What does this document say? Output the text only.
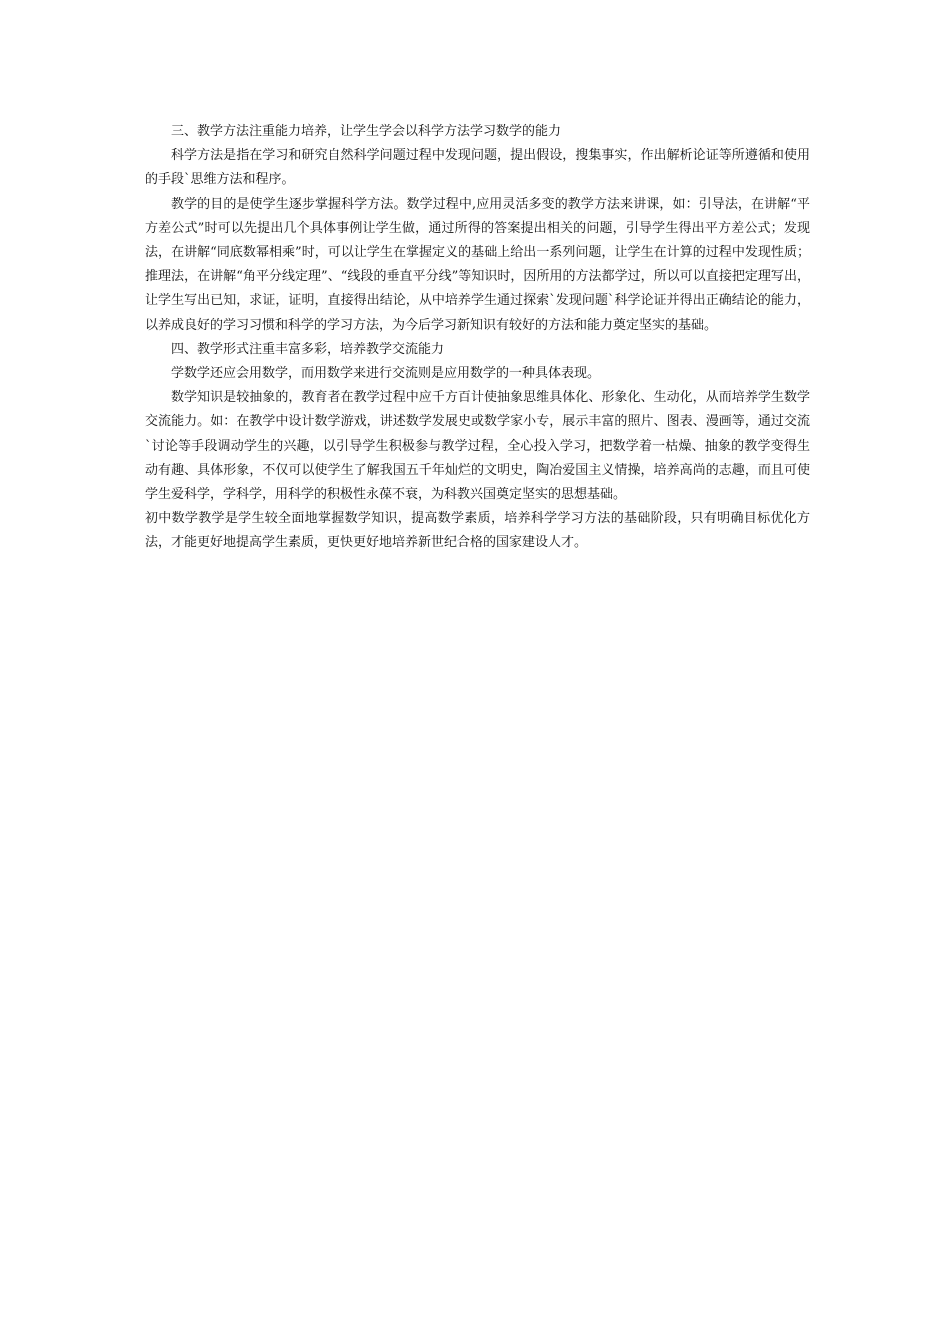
三、教学方法注重能力培养，让学生学会以科学方法学习数学的能力

科学方法是指在学习和研究自然科学问题过程中发现问题，提出假设，搜集事实，作出解析论证等所遵循和使用的手段`思维方法和程序。

教学的目的是使学生逐步掌握科学方法。数学过程中,应用灵活多变的教学方法来讲课，如：引导法，在讲解“平方差公式”时可以先提出几个具体事例让学生做，通过所得的答案提出相关的问题，引导学生得出平方差公式；发现法，在讲解“同底数幂相乘”时，可以让学生在掌握定义的基础上给出一系列问题，让学生在计算的过程中发现性质；推理法，在讲解“角平分线定理”、“线段的垂直平分线”等知识时，因所用的方法都学过，所以可以直接把定理写出，让学生写出已知，求证，证明，直接得出结论，从中培养学生通过探索`发现问题`科学论证并得出正确结论的能力，以养成良好的学习习惯和科学的学习方法，为今后学习新知识有较好的方法和能力奠定坚实的基础。

四、教学形式注重丰富多彩，培养教学交流能力

学数学还应会用数学，而用数学来进行交流则是应用数学的一种具体表现。

数学知识是较抽象的，教育者在教学过程中应千方百计使抽象思维具体化、形象化、生动化，从而培养学生数学交流能力。如：在教学中设计数学游戏，讲述数学发展史或数学家小专，展示丰富的照片、图表、漫画等，通过交流`讨论等手段调动学生的兴趣，以引导学生积极参与教学过程，全心投入学习，把数学着一枯燥、抽象的教学变得生动有趣、具体形象，不仅可以使学生了解我国五千年灿烂的文明史，陶冶爱国主义情操，培养高尚的志趣，而且可使学生爱科学，学科学，用科学的积极性永葆不衰，为科教兴国奠定坚实的思想基础。

初中数学教学是学生较全面地掌握数学知识，提高数学素质，培养科学学习方法的基础阶段，只有明确目标优化方法，才能更好地提高学生素质，更快更好地培养新世纪合格的国家建设人才。
